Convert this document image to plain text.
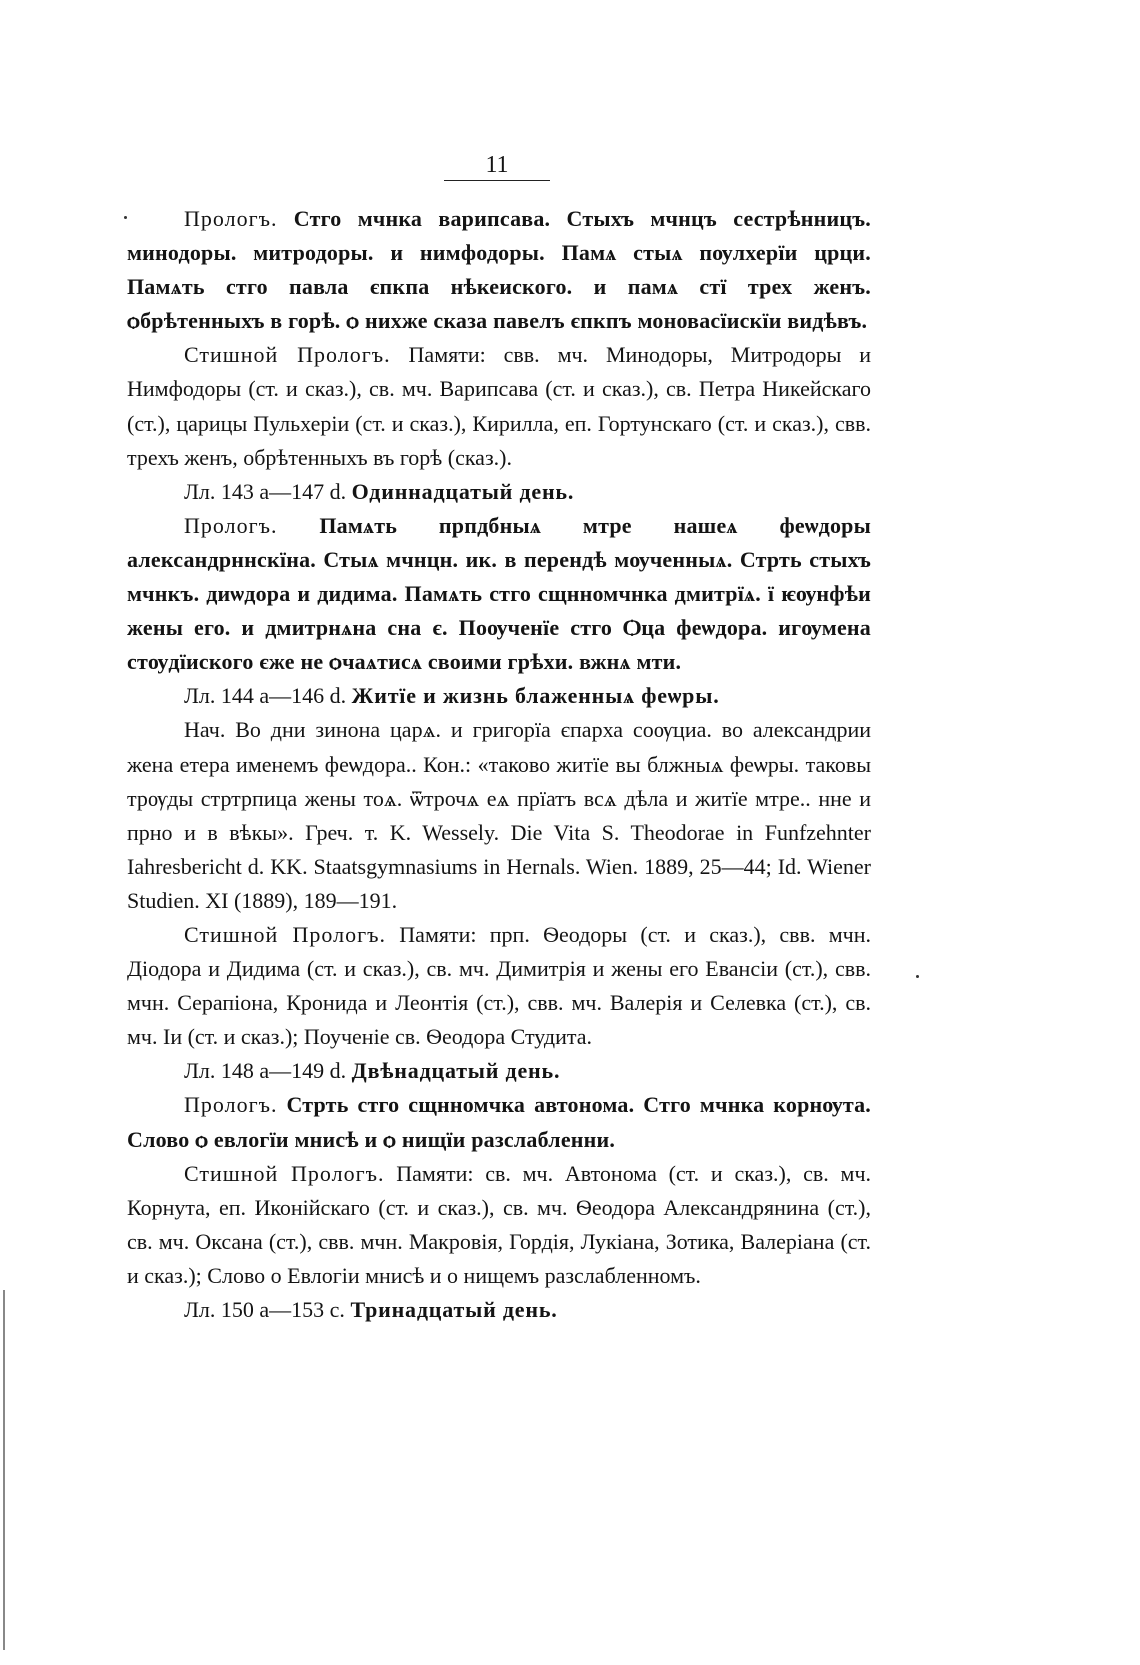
11

Прологъ. Стго мчнка варипсава. Стыхъ мчнцъ сестрѣнницъ. минодоры. митродоры. и нимфодоры. Памѧ стыѧ пѹлхерїи црци. Памѧть стго павла єпкпа нѣкеиского. и памѧ стї трех женъ. ѻбрѣтенныхъ в горѣ. ѻ нихже сказа павелъ єпкпъ моновасїискїи видѣвъ.

Стишной Прологъ. Памяти: свв. мч. Минодоры, Митродоры и Нимфодоры (ст. и сказ.), св. мч. Варипсава (ст. и сказ.), св. Петра Никейскаго (ст.), царицы Пульхеріи (ст. и сказ.), Кирилла, еп. Гортунскаго (ст. и сказ.), свв. трехъ женъ, обрѣтенныхъ въ горѣ (сказ.).

Лл. 143 а—147 d. Одиннадцатый день.

Прологъ. Памѧть прпдбныѧ мтре нашеѧ феѡдоры александрннскїна. Стыѧ мчнцн. ик. в перендѣ мѹченныѧ. Стрть стыхъ мчнкъ. диѡдора и дидима. Памѧть стго сщнномчнка дмитрїѧ. ї ѥѹнфѣи жены его. и дмитрнѧна сна є. Поѹченїе стго Ѻца феѡдора. игѹмена стѹдїиского єже не ѻчаѧтисѧ своими грѣхи. вжнѧ мти.

Лл. 144 а—146 d. Житїе и жизнь блаженныѧ феѡры.

Нач. Во дни зинона царѧ. и григорїа єпарха соѹциа. во александрии жена етера именемъ феѡдора.. Кон.: «таково житїе вы блжныѧ феѡры. таковы трѹды стртрпица жены тоѧ. ѿтрочѧ еѧ прїатъ всѧ дѣла и житїе мтре.. нне и прно и в вѣкы». Греч. т. K. Wessely. Die Vita S. Theodorae in Funfzehnter Iahresbericht d. KK. Staatsgymnasiums in Hernals. Wien. 1889, 25—44; Id. Wiener Studien. XI (1889), 189—191.

Стишной Прологъ. Памяти: прп. Ѳеодоры (ст. и сказ.), свв. мчн. Діодора и Дидима (ст. и сказ.), св. мч. Димитрія и жены его Евансіи (ст.), свв. мчн. Серапіона, Кронида и Леонтія (ст.), свв. мч. Валерія и Селевка (ст.), св. мч. Іи (ст. и сказ.); Поученіе св. Ѳеодора Студита.

Лл. 148 а—149 d. Двѣнадцатый день.

Прологъ. Стрть стго сщнномчка автонома. Стго мчнка корнѹта. Слово ѻ евлогїи мнисѣ и ѻ нищїи разслабленни.

Стишной Прологъ. Памяти: св. мч. Автонома (ст. и сказ.), св. мч. Корнута, еп. Иконійскаго (ст. и сказ.), св. мч. Ѳеодора Александрянина (ст.), св. мч. Оксана (ст.), свв. мчн. Макровія, Гордія, Лукіана, Зотика, Валеріана (ст. и сказ.); Слово о Евлогіи мнисѣ и о нищемъ разслабленномъ.

Лл. 150 а—153 с. Тринадцатый день.
